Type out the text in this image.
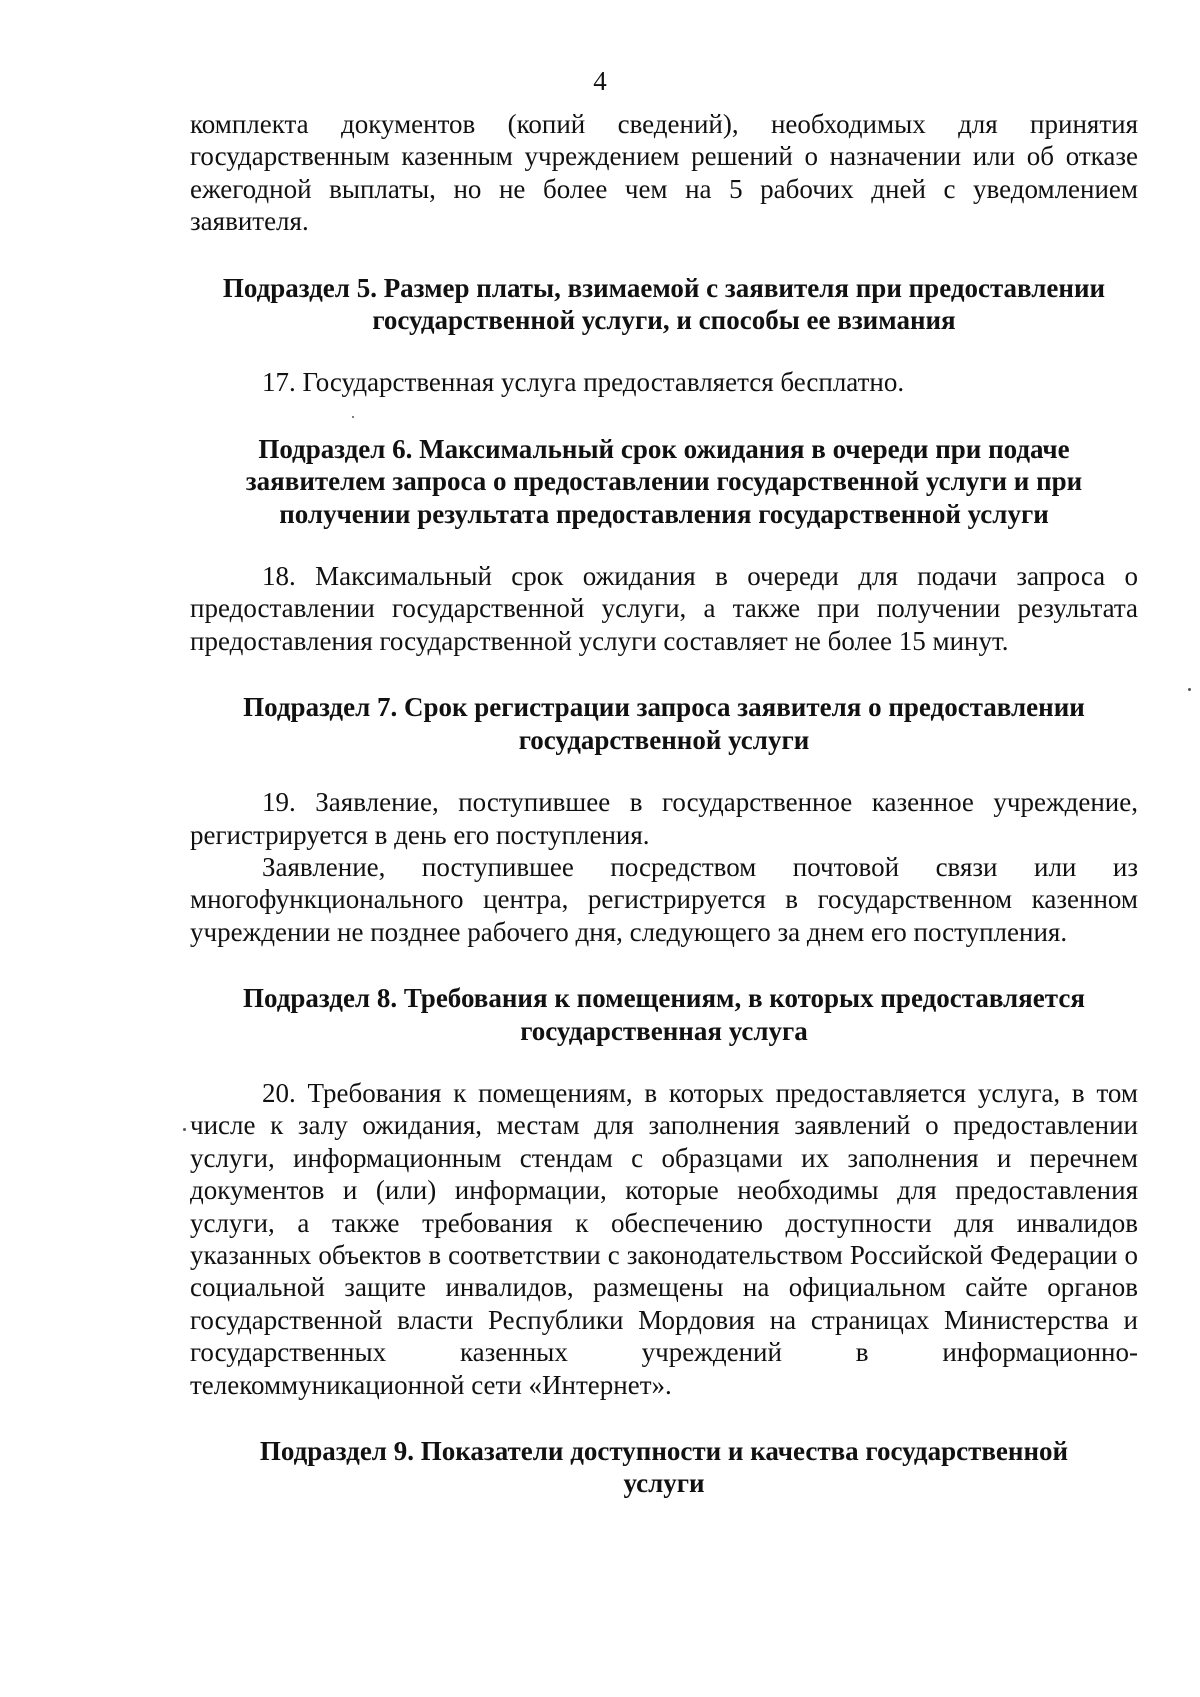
4

комплекта документов (копий сведений), необходимых для принятия государственным казенным учреждением решений о назначении или об отказе ежегодной выплаты, но не более чем на 5 рабочих дней с уведомлением заявителя.

Подраздел 5. Размер платы, взимаемой с заявителя при предоставлении государственной услуги, и способы ее взимания

17. Государственная услуга предоставляется бесплатно.

Подраздел 6. Максимальный срок ожидания в очереди при подаче заявителем запроса о предоставлении государственной услуги и при получении результата предоставления государственной услуги

18. Максимальный срок ожидания в очереди для подачи запроса о предоставлении государственной услуги, а также при получении результата предоставления государственной услуги составляет не более 15 минут.

Подраздел 7. Срок регистрации запроса заявителя о предоставлении государственной услуги

19. Заявление, поступившее в государственное казенное учреждение, регистрируется в день его поступления.

Заявление, поступившее посредством почтовой связи или из многофункционального центра, регистрируется в государственном казенном учреждении не позднее рабочего дня, следующего за днем его поступления.

Подраздел 8. Требования к помещениям, в которых предоставляется государственная услуга

20. Требования к помещениям, в которых предоставляется услуга, в том числе к залу ожидания, местам для заполнения заявлений о предоставлении услуги, информационным стендам с образцами их заполнения и перечнем документов и (или) информации, которые необходимы для предоставления услуги, а также требования к обеспечению доступности для инвалидов указанных объектов в соответствии с законодательством Российской Федерации о социальной защите инвалидов, размещены на официальном сайте органов государственной власти Республики Мордовия на страницах Министерства и государственных казенных учреждений в информационно-телекоммуникационной сети «Интернет».

Подраздел 9. Показатели доступности и качества государственной услуги
